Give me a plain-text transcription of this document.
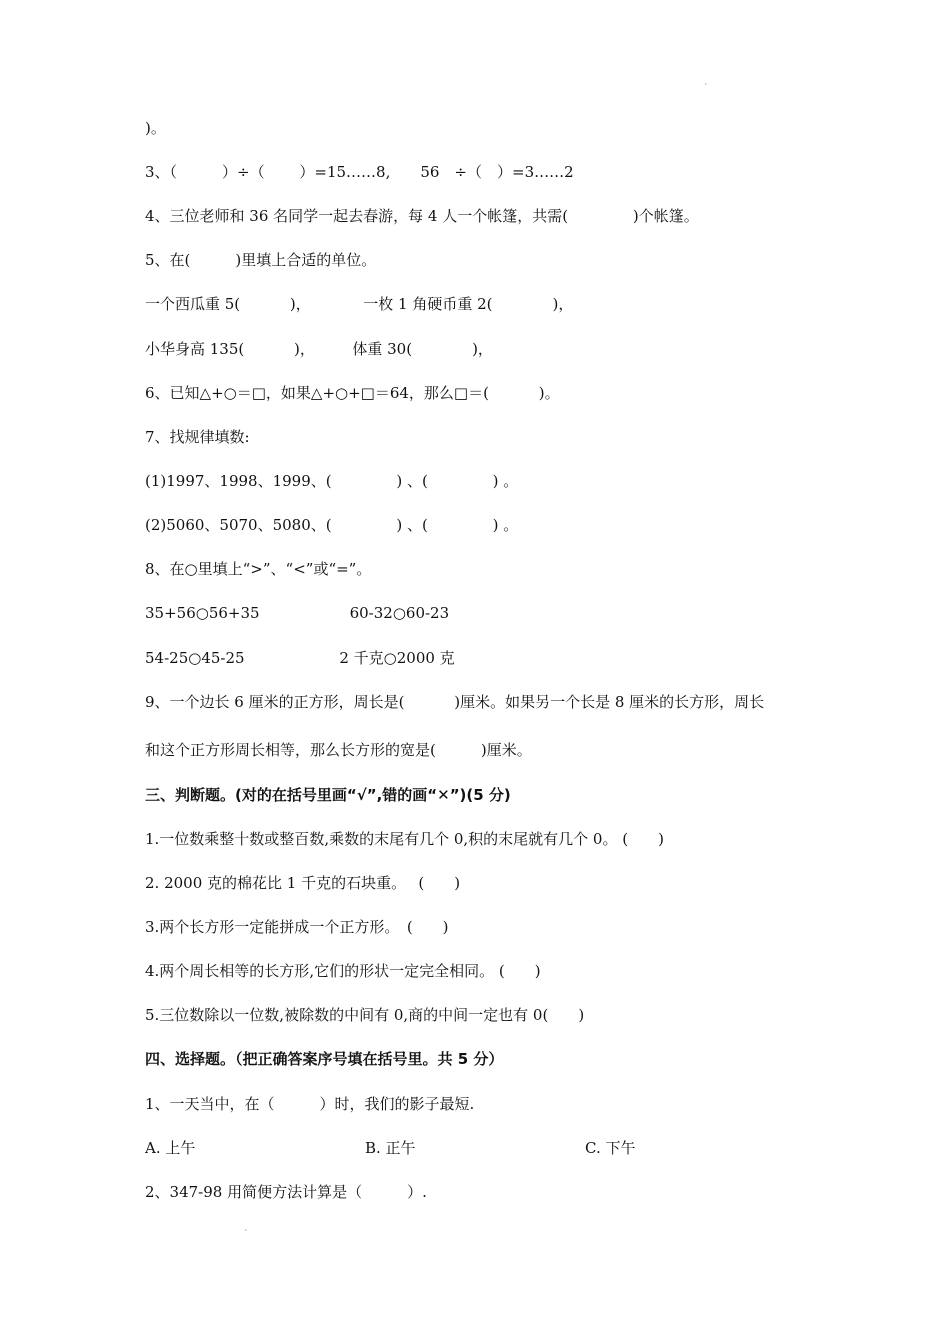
˛
)。
3、（　　　）÷（　　 ）=15……8,　　56　÷（　）=3……2
4、三位老师和 36 名同学一起去春游，每 4 人一个帐篷，共需(　　　　 )个帐篷。
5、在(　　　)里填上合适的单位。
一个西瓜重 5(　　　 )，　　　　一枚 1 角硬币重 2(　　　　)，
小华身高 135(　　　 )，　　　体重 30(　　　　)，
6、已知△+○＝□，如果△+○+□＝64，那么□＝(　　　 )。
7、找规律填数:
(1)1997、1998、1999、(　　　　 ) 、(　　　　 ) 。
(2)5060、5070、5080、(　　　　 ) 、(　　　　 ) 。
8、在○里填上“>”、“<”或“=”。
35+56○56+35　　　　　　60-32○60-23
54-25○45-25　　　　　　 2 千克○2000 克
9、一个边长 6 厘米的正方形，周长是(　　　 )厘米。如果另一个长是 8 厘米的长方形，周长
和这个正方形周长相等，那么长方形的宽是(　　　)厘米。
三、判断题。(对的在括号里画“√”,错的画“✕”)(5 分)
1.一位数乘整十数或整百数,乘数的末尾有几个 0,积的末尾就有几个 0。 (　　)
2. 2000 克的棉花比 1 千克的石块重。　 (　　)
3.两个长方形一定能拼成一个正方形。　(　　)
4.两个周长相等的长方形,它们的形状一定完全相同。 (　　)
5.三位数除以一位数,被除数的中间有 0,商的中间一定也有 0(　　)
四、选择题。（把正确答案序号填在括号里。共 5 分）
1、一天当中，在（　　　）时，我们的影子最短.
A. 上午	B. 正午	C. 下午
2、347-98 用简便方法计算是（　　　）.
˛
